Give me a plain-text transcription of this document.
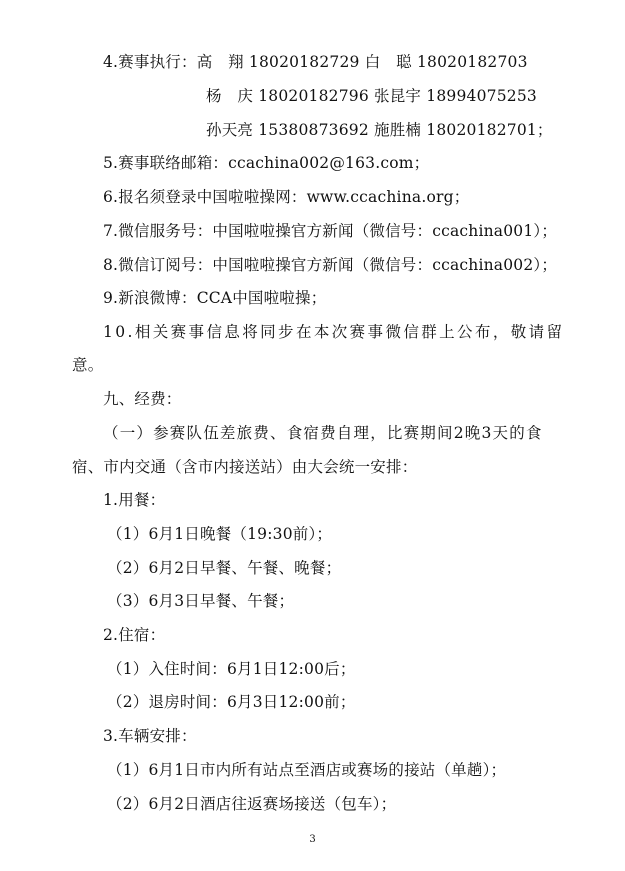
4.赛事执行：高　翔 18020182729 白　聪 18020182703
杨　庆 18020182796 张昆宇 18994075253
孙天亮 15380873692 施胜楠 18020182701；
5.赛事联络邮箱：ccachina002@163.com；
6.报名须登录中国啦啦操网：www.ccachina.org；
7.微信服务号：中国啦啦操官方新闻（微信号：ccachina001）；
8.微信订阅号：中国啦啦操官方新闻（微信号：ccachina002）；
9.新浪微博：CCA中国啦啦操；
10.相关赛事信息将同步在本次赛事微信群上公布，敬请留
意。
九、经费：
（一）参赛队伍差旅费、食宿费自理，比赛期间2晚3天的食
宿、市内交通（含市内接送站）由大会统一安排：
1.用餐：
（1）6月1日晚餐（19:30前）；
（2）6月2日早餐、午餐、晚餐；
（3）6月3日早餐、午餐；
2.住宿：
（1）入住时间：6月1日12:00后；
（2）退房时间：6月3日12:00前；
3.车辆安排：
（1）6月1日市内所有站点至酒店或赛场的接站（单趟）；
（2）6月2日酒店往返赛场接送（包车）；
3
